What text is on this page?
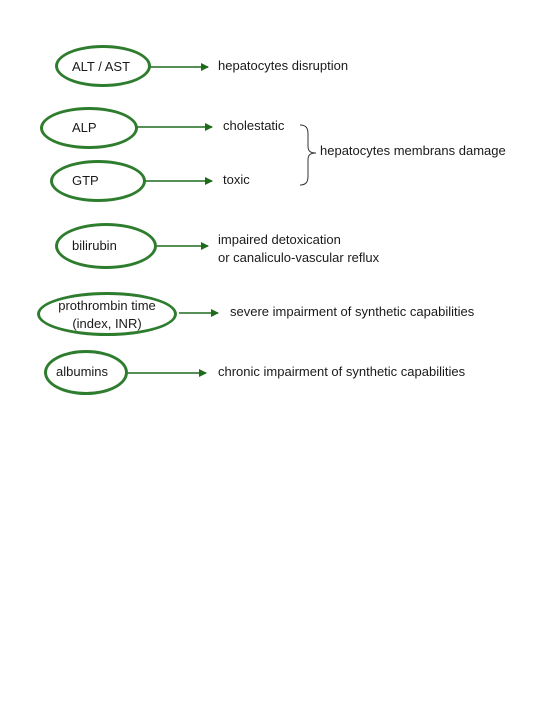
ALT / AST
ALP
GTP
bilirubin
prothrombin time
(index, INR)
albumins
hepatocytes disruption
cholestatic
toxic
impaired detoxication
or canaliculo-vascular reflux
severe impairment of synthetic capabilities
chronic impairment of synthetic capabilities
hepatocytes membrans damage
